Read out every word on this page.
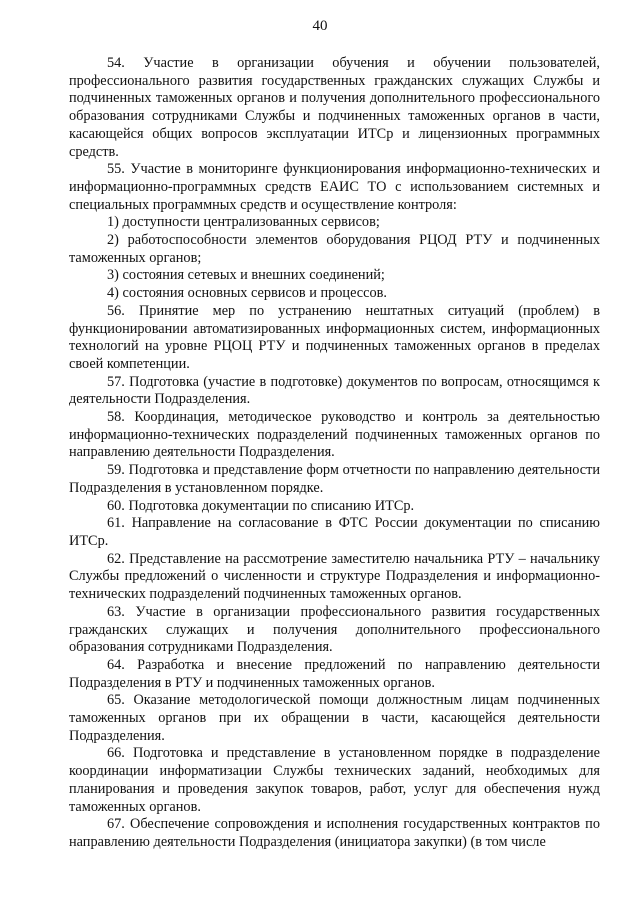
40

54. Участие в организации обучения и обучении пользователей, профессионального развития государственных гражданских служащих Службы и подчиненных таможенных органов и получения дополнительного профессионального образования сотрудниками Службы и подчиненных таможенных органов в части, касающейся общих вопросов эксплуатации ИТСр и лицензионных программных средств.

55. Участие в мониторинге функционирования информационно-технических и информационно-программных средств ЕАИС ТО с использованием системных и специальных программных средств и осуществление контроля:

1) доступности централизованных сервисов;

2) работоспособности элементов оборудования РЦОД РТУ и подчиненных таможенных органов;

3) состояния сетевых и внешних соединений;

4) состояния основных сервисов и процессов.

56. Принятие мер по устранению нештатных ситуаций (проблем) в функционировании автоматизированных информационных систем, информационных технологий на уровне РЦОЦ РТУ и подчиненных таможенных органов в пределах своей компетенции.

57. Подготовка (участие в подготовке) документов по вопросам, относящимся к деятельности Подразделения.

58. Координация, методическое руководство и контроль за деятельностью информационно-технических подразделений подчиненных таможенных органов по направлению деятельности Подразделения.

59. Подготовка и представление форм отчетности по направлению деятельности Подразделения в установленном порядке.

60. Подготовка документации по списанию ИТСр.

61. Направление на согласование в ФТС России документации по списанию ИТСр.

62. Представление на рассмотрение заместителю начальника РТУ – начальнику Службы предложений о численности и структуре Подразделения и информационно-технических подразделений подчиненных таможенных органов.

63. Участие в организации профессионального развития государственных гражданских служащих и получения дополнительного профессионального образования сотрудниками Подразделения.

64. Разработка и внесение предложений по направлению деятельности Подразделения в РТУ и подчиненных таможенных органов.

65. Оказание методологической помощи должностным лицам подчиненных таможенных органов при их обращении в части, касающейся деятельности Подразделения.

66. Подготовка и представление в установленном порядке в подразделение координации информатизации Службы технических заданий, необходимых для планирования и проведения закупок товаров, работ, услуг для обеспечения нужд таможенных органов.

67. Обеспечение сопровождения и исполнения государственных контрактов по направлению деятельности Подразделения (инициатора закупки) (в том числе
